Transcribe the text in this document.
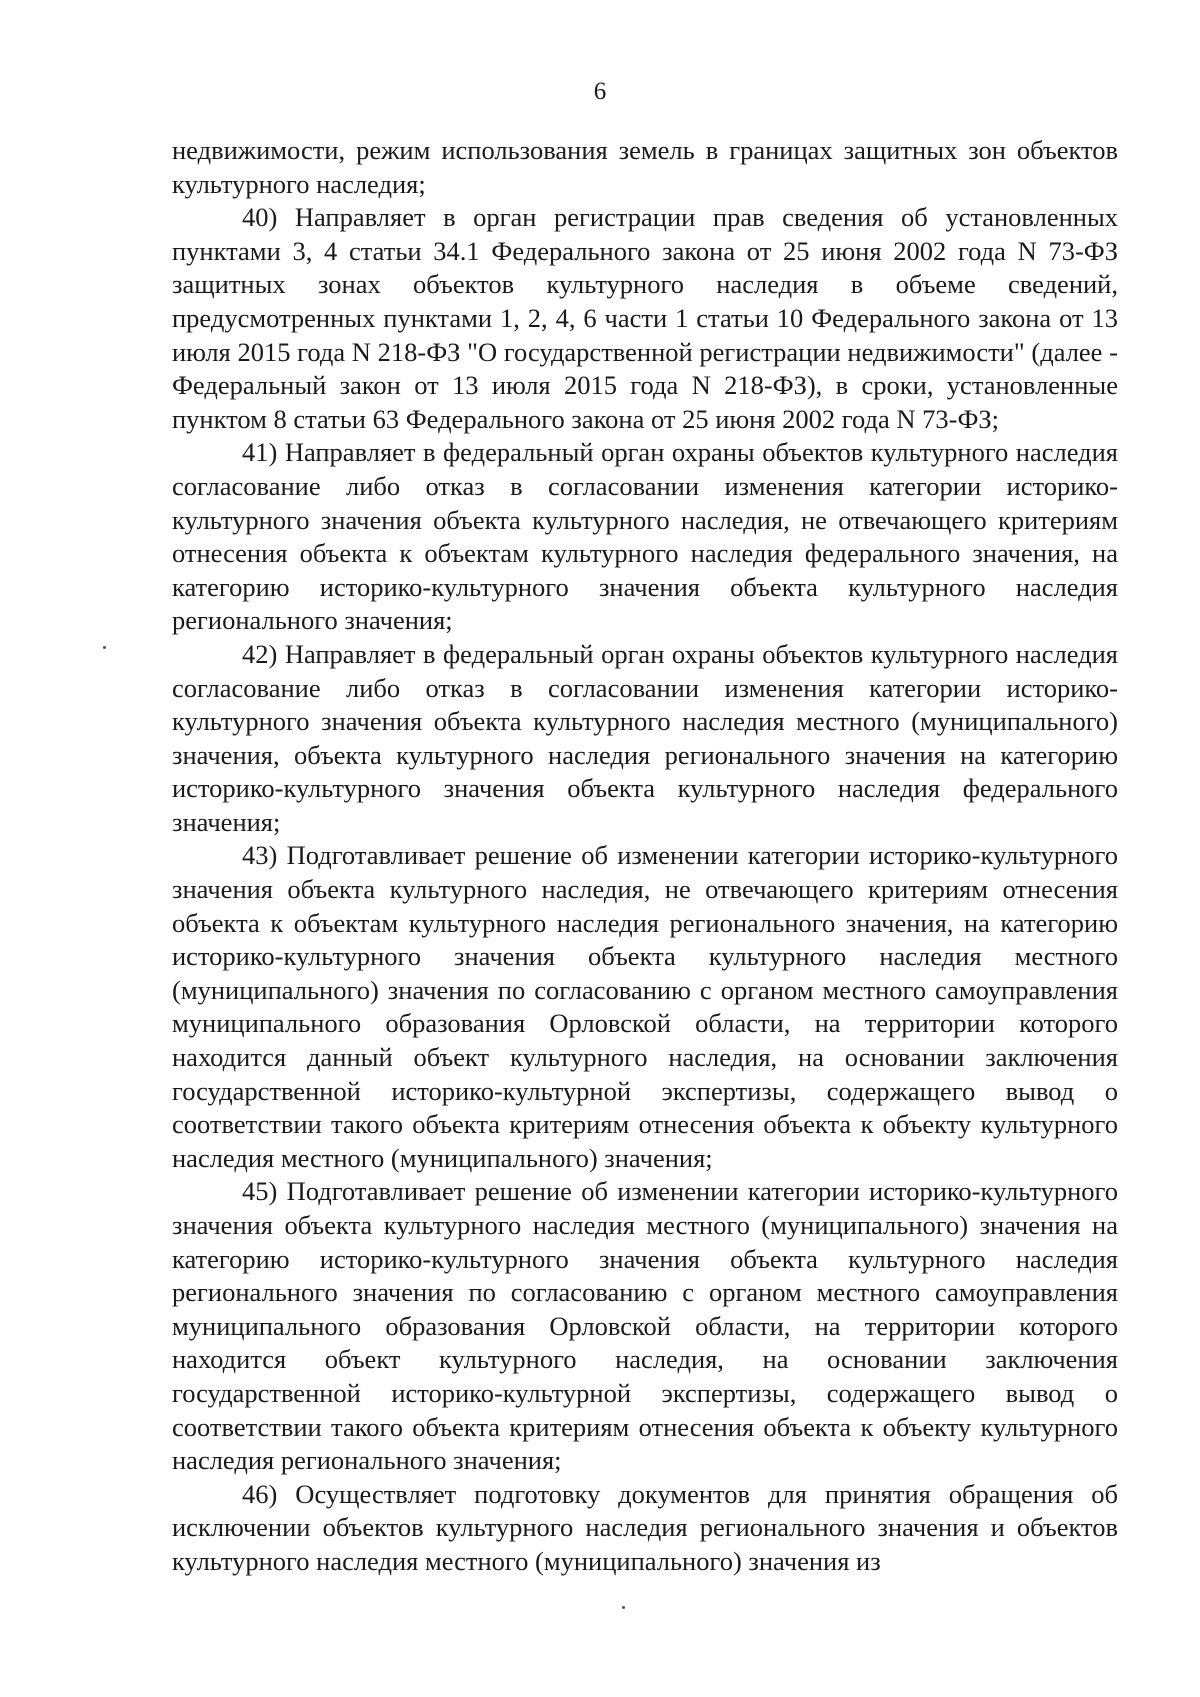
6

недвижимости, режим использования земель в границах защитных зон объектов культурного наследия;

40) Направляет в орган регистрации прав сведения об установленных пунктами 3, 4 статьи 34.1 Федерального закона от 25 июня 2002 года N 73-ФЗ защитных зонах объектов культурного наследия в объеме сведений, предусмотренных пунктами 1, 2, 4, 6 части 1 статьи 10 Федерального закона от 13 июля 2015 года N 218-ФЗ "О государственной регистрации недвижимости" (далее - Федеральный закон от 13 июля 2015 года N 218-ФЗ), в сроки, установленные пунктом 8 статьи 63 Федерального закона от 25 июня 2002 года N 73-ФЗ;

41) Направляет в федеральный орган охраны объектов культурного наследия согласование либо отказ в согласовании изменения категории историко-культурного значения объекта культурного наследия, не отвечающего критериям отнесения объекта к объектам культурного наследия федерального значения, на категорию историко-культурного значения объекта культурного наследия регионального значения;

42) Направляет в федеральный орган охраны объектов культурного наследия согласование либо отказ в согласовании изменения категории историко-культурного значения объекта культурного наследия местного (муниципального) значения, объекта культурного наследия регионального значения на категорию историко-культурного значения объекта культурного наследия федерального значения;

43) Подготавливает решение об изменении категории историко-культурного значения объекта культурного наследия, не отвечающего критериям отнесения объекта к объектам культурного наследия регионального значения, на категорию историко-культурного значения объекта культурного наследия местного (муниципального) значения по согласованию с органом местного самоуправления муниципального образования Орловской области, на территории которого находится данный объект культурного наследия, на основании заключения государственной историко-культурной экспертизы, содержащего вывод о соответствии такого объекта критериям отнесения объекта к объекту культурного наследия местного (муниципального) значения;

45) Подготавливает решение об изменении категории историко-культурного значения объекта культурного наследия местного (муниципального) значения на категорию историко-культурного значения объекта культурного наследия регионального значения по согласованию с органом местного самоуправления муниципального образования Орловской области, на территории которого находится объект культурного наследия, на основании заключения государственной историко-культурной экспертизы, содержащего вывод о соответствии такого объекта критериям отнесения объекта к объекту культурного наследия регионального значения;

46) Осуществляет подготовку документов для принятия обращения об исключении объектов культурного наследия регионального значения и объектов культурного наследия местного (муниципального) значения из
